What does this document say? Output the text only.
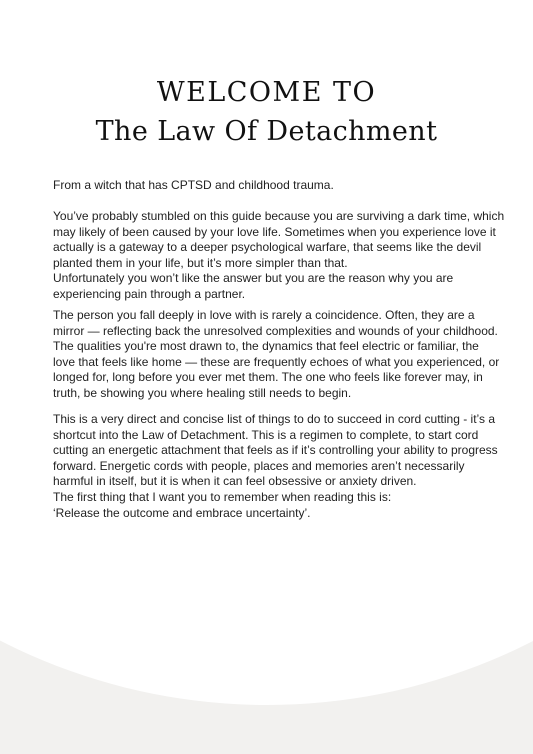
WELCOME TO
The Law Of Detachment
From a witch that has CPTSD and childhood trauma.
You’ve probably stumbled on this guide because you are surviving a dark time, which
may likely of been caused by your love life. Sometimes when you experience love it
actually is a gateway to a deeper psychological warfare, that seems like the devil
planted them in your life, but it’s more simpler than that.
Unfortunately you won’t like the answer but you are the reason why you are
experiencing pain through a partner.
The person you fall deeply in love with is rarely a coincidence. Often, they are a
mirror — reflecting back the unresolved complexities and wounds of your childhood.
The qualities you're most drawn to, the dynamics that feel electric or familiar, the
love that feels like home — these are frequently echoes of what you experienced, or
longed for, long before you ever met them. The one who feels like forever may, in
truth, be showing you where healing still needs to begin.
This is a very direct and concise list of things to do to succeed in cord cutting - it’s a
shortcut into the Law of Detachment. This is a regimen to complete, to start cord
cutting an energetic attachment that feels as if it’s controlling your ability to progress
forward. Energetic cords with people, places and memories aren’t necessarily
harmful in itself, but it is when it can feel obsessive or anxiety driven.
The first thing that I want you to remember when reading this is:
‘Release the outcome and embrace uncertainty’.
